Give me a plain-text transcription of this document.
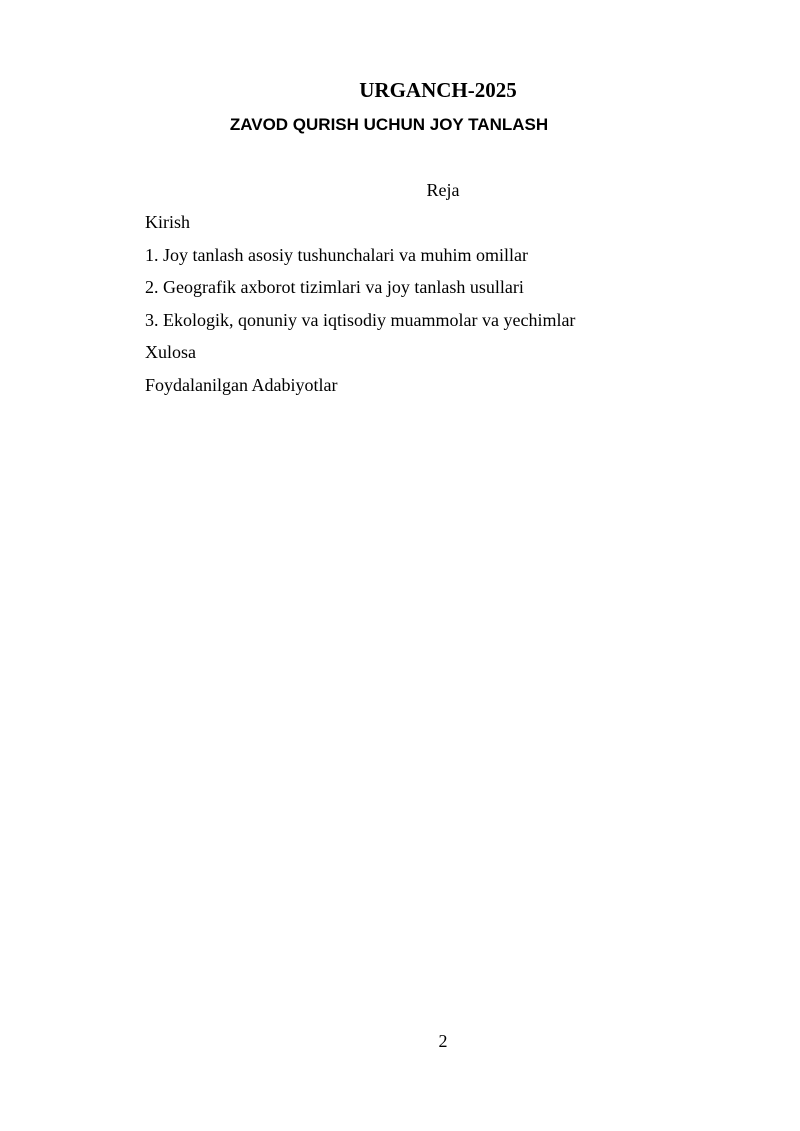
URGANCH-2025
ZAVOD QURISH UCHUN JOY TANLASH
Reja
Kirish
1. Joy tanlash asosiy tushunchalari va muhim omillar
2. Geografik axborot tizimlari va joy tanlash usullari
3. Ekologik, qonuniy va iqtisodiy muammolar va yechimlar
Xulosa
Foydalanilgan Adabiyotlar
2
